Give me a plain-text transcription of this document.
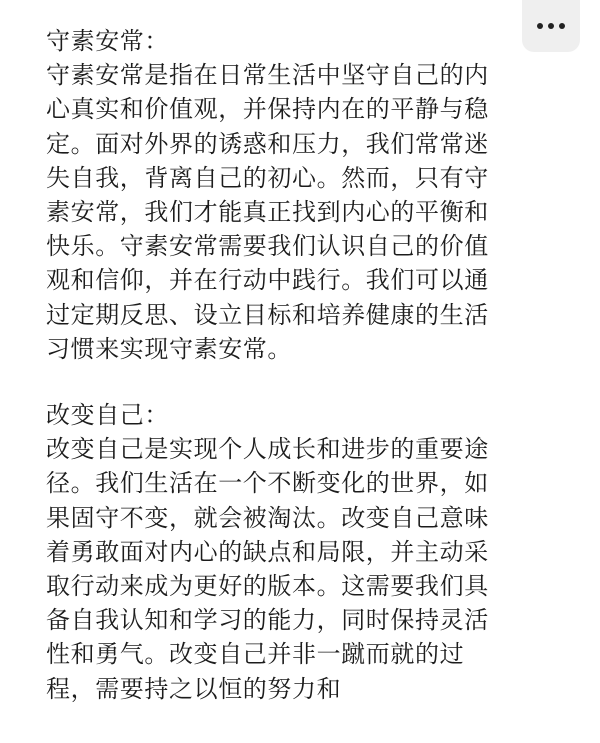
守素安常：

守素安常是指在日常生活中坚守自己的内
心真实和价值观，并保持内在的平静与稳
定。面对外界的诱惑和压力，我们常常迷
失自我，背离自己的初心。然而，只有守
素安常，我们才能真正找到内心的平衡和
快乐。守素安常需要我们认识自己的价值
观和信仰，并在行动中践行。我们可以通
过定期反思、设立目标和培养健康的生活
习惯来实现守素安常。

改变自己：

改变自己是实现个人成长和进步的重要途
径。我们生活在一个不断变化的世界，如
果固守不变，就会被淘汰。改变自己意味
着勇敢面对内心的缺点和局限，并主动采
取行动来成为更好的版本。这需要我们具
备自我认知和学习的能力，同时保持灵活
性和勇气。改变自己并非一蹴而就的过
程，需要持之以恒的努力和
